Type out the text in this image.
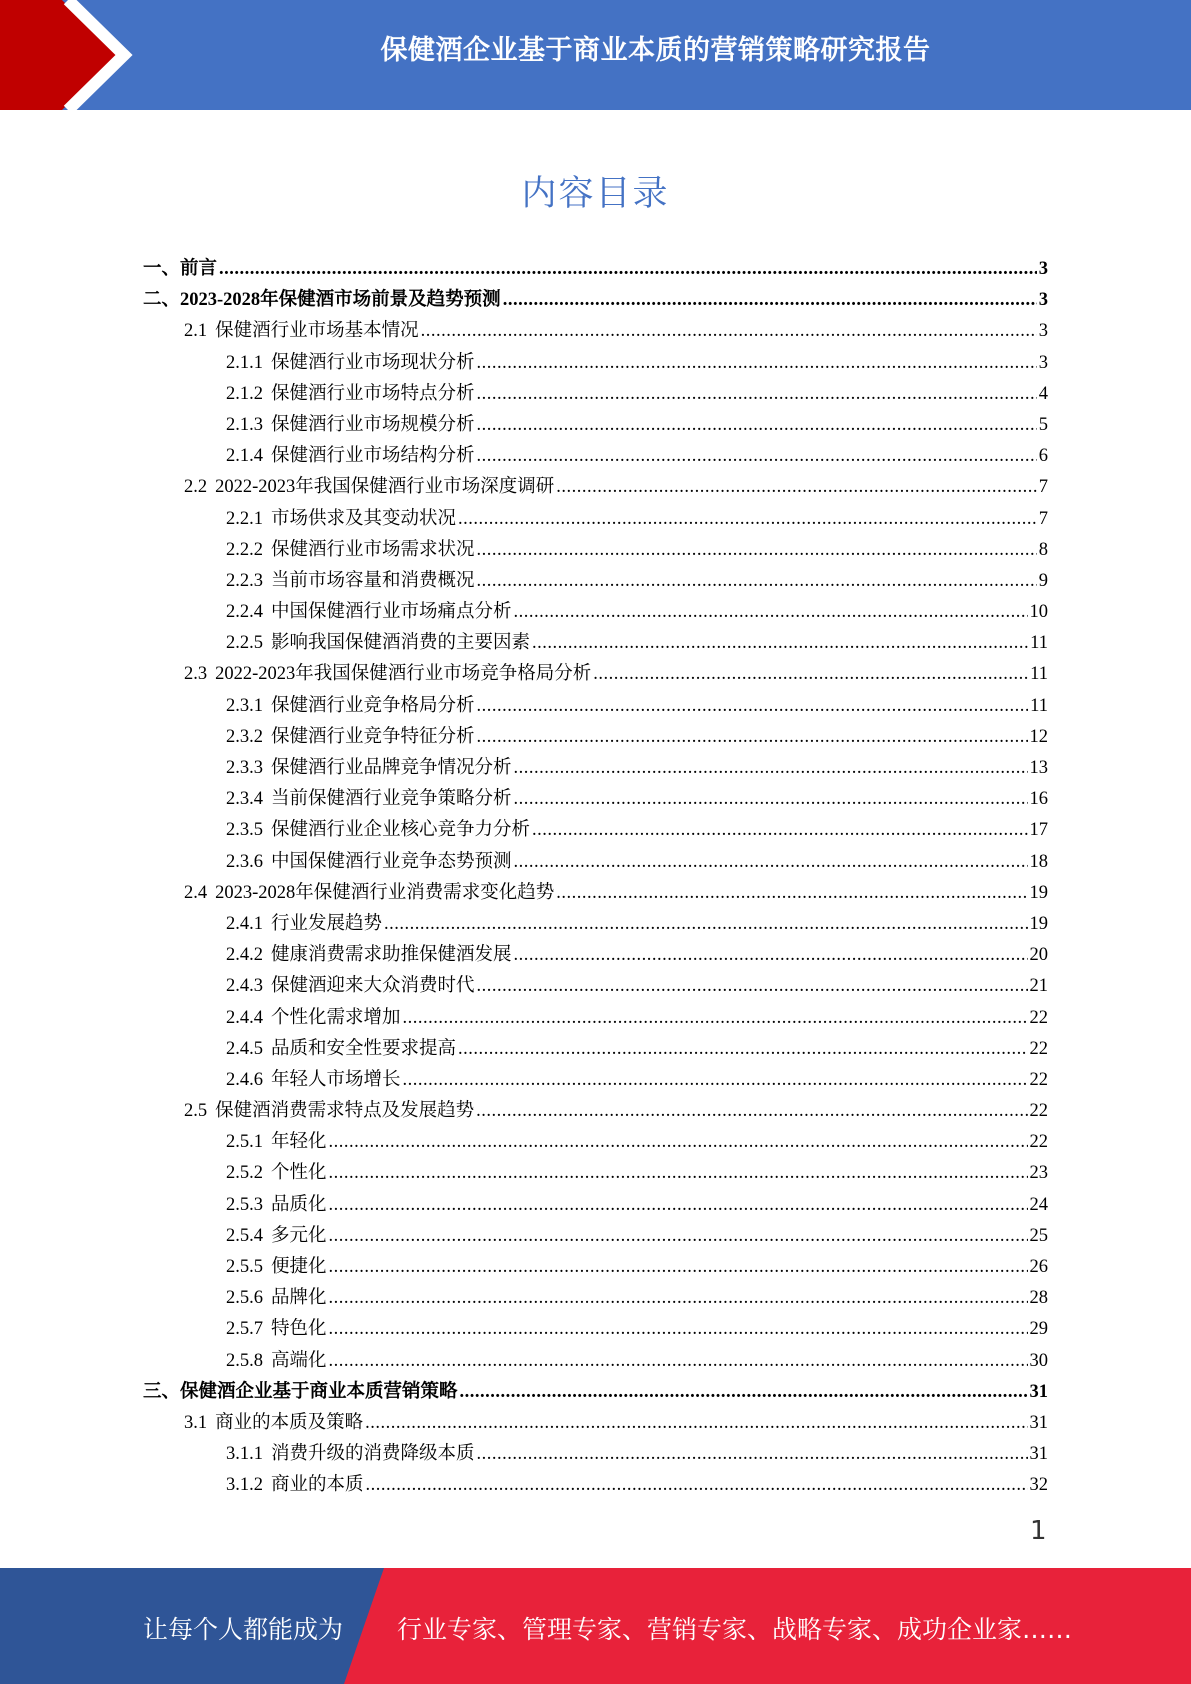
保健酒企业基于商业本质的营销策略研究报告
内容目录
一、 前言 .....	3
二、 2023-2028年保健酒市场前景及趋势预测 .....	3
2.1 保健酒行业市场基本情况 .....	3
2.1.1 保健酒行业市场现状分析 .....	3
2.1.2 保健酒行业市场特点分析 .....	4
2.1.3 保健酒行业市场规模分析 .....	5
2.1.4 保健酒行业市场结构分析 .....	6
2.2 2022-2023年我国保健酒行业市场深度调研 .....	7
2.2.1 市场供求及其变动状况 .....	7
2.2.2 保健酒行业市场需求状况 .....	8
2.2.3 当前市场容量和消费概况 .....	9
2.2.4 中国保健酒行业市场痛点分析 .....	10
2.2.5 影响我国保健酒消费的主要因素 .....	11
2.3 2022-2023年我国保健酒行业市场竞争格局分析 .....	11
2.3.1 保健酒行业竞争格局分析 .....	11
2.3.2 保健酒行业竞争特征分析 .....	12
2.3.3 保健酒行业品牌竞争情况分析 .....	13
2.3.4 当前保健酒行业竞争策略分析 .....	16
2.3.5 保健酒行业企业核心竞争力分析 .....	17
2.3.6 中国保健酒行业竞争态势预测 .....	18
2.4 2023-2028年保健酒行业消费需求变化趋势 .....	19
2.4.1 行业发展趋势 .....	19
2.4.2 健康消费需求助推保健酒发展 .....	20
2.4.3 保健酒迎来大众消费时代 .....	21
2.4.4 个性化需求增加 .....	22
2.4.5 品质和安全性要求提高 .....	22
2.4.6 年轻人市场增长 .....	22
2.5 保健酒消费需求特点及发展趋势 .....	22
2.5.1 年轻化 .....	22
2.5.2 个性化 .....	23
2.5.3 品质化 .....	24
2.5.4 多元化 .....	25
2.5.5 便捷化 .....	26
2.5.6 品牌化 .....	28
2.5.7 特色化 .....	29
2.5.8 高端化 .....	30
三、 保健酒企业基于商业本质营销策略 .....	31
3.1 商业的本质及策略 .....	31
3.1.1 消费升级的消费降级本质 .....	31
3.1.2 商业的本质 .....	32
1
让每个人都能成为 行业专家、管理专家、营销专家、战略专家、成功企业家……
